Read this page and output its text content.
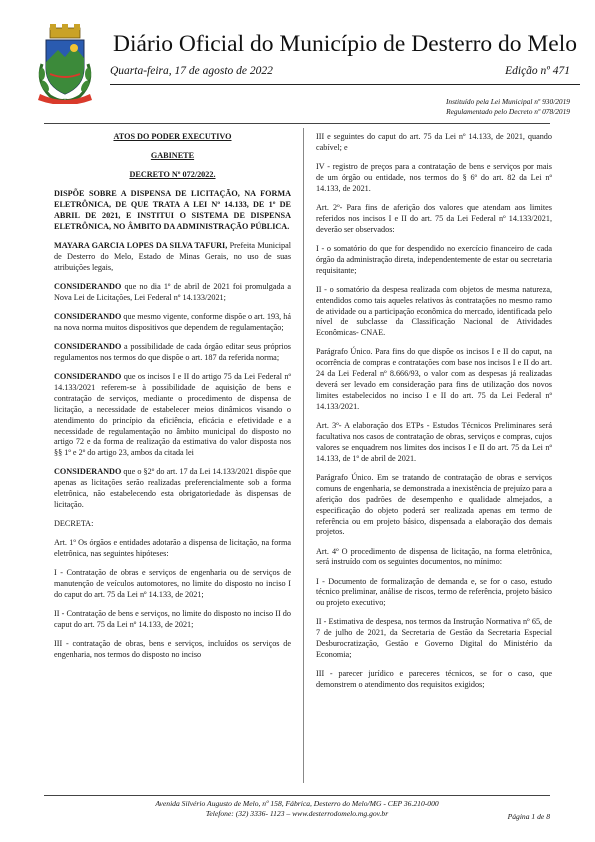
Diário Oficial do Município de Desterro do Melo
Quarta-feira, 17 de agosto de 2022	Edição nº 471
Instituído pela Lei Municipal nº 930/2019
Regulamentado pelo Decreto nº 078/2019

ATOS DO PODER EXECUTIVO

GABINETE

DECRETO Nº 072/2022.

DISPÕE SOBRE A DISPENSA DE LICITAÇÃO, NA FORMA ELETRÔNICA, DE QUE TRATA A LEI Nº 14.133, DE 1º DE ABRIL DE 2021, E INSTITUI O SISTEMA DE DISPENSA ELETRÔNICA, NO ÂMBITO DA ADMINISTRAÇÃO PÚBLICA.

MAYARA GARCIA LOPES DA SILVA TAFURI, Prefeita Municipal de Desterro do Melo, Estado de Minas Gerais, no uso de suas atribuições legais,

CONSIDERANDO que no dia 1º de abril de 2021 foi promulgada a Nova Lei de Licitações, Lei Federal nº 14.133/2021;

CONSIDERANDO que mesmo vigente, conforme dispõe o art. 193, há na nova norma muitos dispositivos que dependem de regulamentação;

CONSIDERANDO a possibilidade de cada órgão editar seus próprios regulamentos nos termos do que dispõe o art. 187 da referida norma;

CONSIDERANDO que os incisos I e II do artigo 75 da Lei Federal nº 14.133/2021 referem-se à possibilidade de aquisição de bens e contratação de serviços, mediante o procedimento de dispensa de licitação, a necessidade de estabelecer meios dinâmicos visando o atendimento do princípio da eficiência, eficácia e efetividade e a necessidade de regulamentação no âmbito municipal do disposto no artigo 72 e da forma de realização da estimativa do valor disposta nos §§ 1º e 2º do artigo 23, ambos da citada lei

CONSIDERANDO que o §2º do art. 17 da Lei 14.133/2021 dispõe que apenas as licitações serão realizadas preferencialmente sob a forma eletrônica, não estabelecendo esta obrigatoriedade às dispensas de licitação.

DECRETA:

Art. 1º Os órgãos e entidades adotarão a dispensa de licitação, na forma eletrônica, nas seguintes hipóteses:

I - Contratação de obras e serviços de engenharia ou de serviços de manutenção de veículos automotores, no limite do disposto no inciso I do caput do art. 75 da Lei nº 14.133, de 2021;

II - Contratação de bens e serviços, no limite do disposto no inciso II do caput do art. 75 da Lei nº 14.133, de 2021;

III - contratação de obras, bens e serviços, incluídos os serviços de engenharia, nos termos do disposto no inciso

III e seguintes do caput do art. 75 da Lei nº 14.133, de 2021, quando cabível; e

IV - registro de preços para a contratação de bens e serviços por mais de um órgão ou entidade, nos termos do § 6º do art. 82 da Lei nº 14.133, de 2021.

Art. 2º- Para fins de aferição dos valores que atendam aos limites referidos nos incisos I e II do art. 75 da Lei Federal nº 14.133/2021, deverão ser observados:

I - o somatório do que for despendido no exercício financeiro de cada órgão da administração direta, independentemente de estar ou secretaria requisitante;

II - o somatório da despesa realizada com objetos de mesma natureza, entendidos como tais aqueles relativos às contratações no mesmo ramo de atividade ou a participação econômica do mercado, identificada pelo nível de subclasse da Classificação Nacional de Atividades Econômicas- CNAE.

Parágrafo Único. Para fins do que dispõe os incisos I e II do caput, na ocorrência de compras e contratações com base nos incisos I e II do art. 24 da Lei Federal nº 8.666/93, o valor com as despesas já realizadas deverá ser levado em consideração para fins de utilização dos novos limites estabelecidos no inciso I e II do art. 75 da Lei Federal nº 14.133/2021.

Art. 3º- A elaboração dos ETPs - Estudos Técnicos Preliminares será facultativa nos casos de contratação de obras, serviços e compras, cujos valores se enquadrem nos limites dos incisos I e II do art. 75 da Lei nº 14.133, de 1º de abril de 2021.

Parágrafo Único. Em se tratando de contratação de obras e serviços comuns de engenharia, se demonstrada a inexistência de prejuízo para a aferição dos padrões de desempenho e qualidade almejados, a especificação do objeto poderá ser realizada apenas em termo de referência ou em projeto básico, dispensada a elaboração dos demais projetos.

Art. 4º O procedimento de dispensa de licitação, na forma eletrônica, será instruído com os seguintes documentos, no mínimo:

I - Documento de formalização de demanda e, se for o caso, estudo técnico preliminar, análise de riscos, termo de referência, projeto básico ou projeto executivo;

II - Estimativa de despesa, nos termos da Instrução Normativa nº 65, de 7 de julho de 2021, da Secretaria de Gestão da Secretaria Especial Desburocratização, Gestão e Governo Digital do Ministério da Economia;

III - parecer jurídico e pareceres técnicos, se for o caso, que demonstrem o atendimento dos requisitos exigidos;

Avenida Silvério Augusto de Melo, nº 158, Fábrica, Desterro do Melo/MG - CEP 36.210-000
Telefone: (32) 3336- 1123 – www.desterrodomelo.mg.gov.br	Página 1 de 8
